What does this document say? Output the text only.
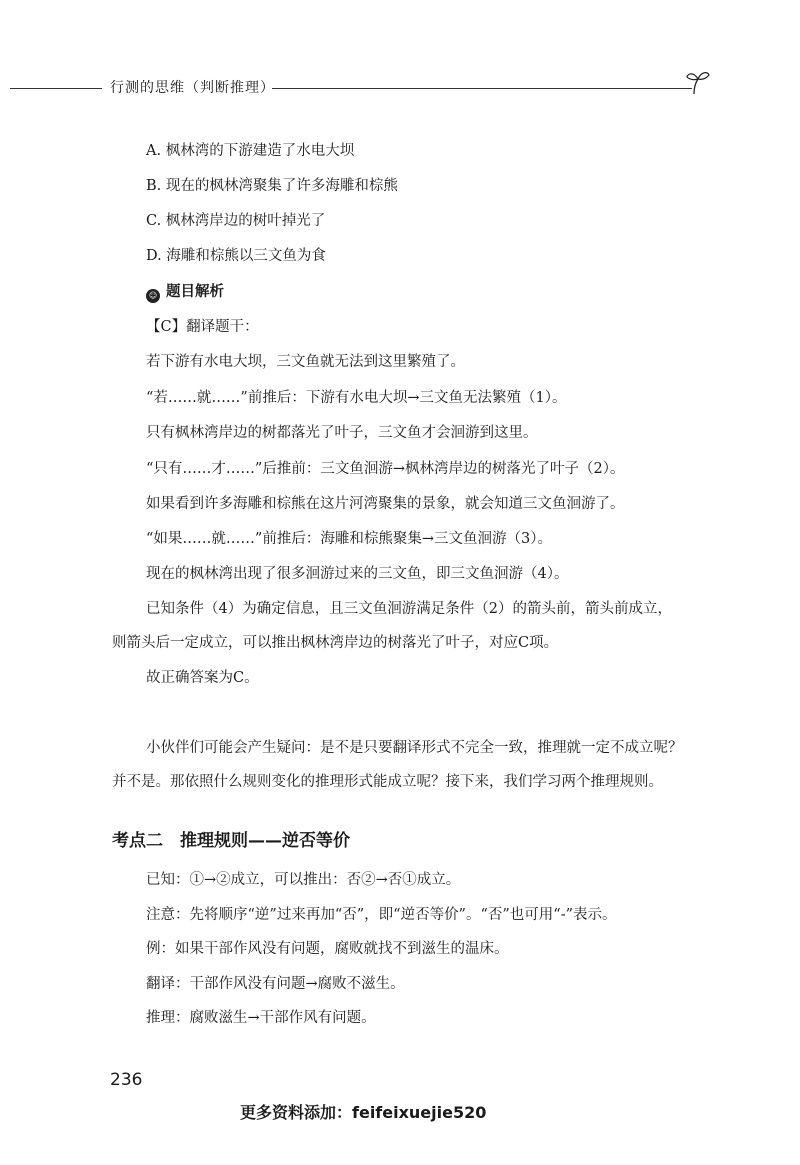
行测的思维（判断推理）
A. 枫林湾的下游建造了水电大坝
B. 现在的枫林湾聚集了许多海雕和棕熊
C. 枫林湾岸边的树叶掉光了
D. 海雕和棕熊以三文鱼为食
☺ 题目解析
【C】翻译题干：
若下游有水电大坝，三文鱼就无法到这里繁殖了。
“若……就……”前推后：下游有水电大坝→三文鱼无法繁殖（1）。
只有枫林湾岸边的树都落光了叶子，三文鱼才会洄游到这里。
“只有……才……”后推前：三文鱼洄游→枫林湾岸边的树落光了叶子（2）。
如果看到许多海雕和棕熊在这片河湾聚集的景象，就会知道三文鱼洄游了。
“如果……就……”前推后：海雕和棕熊聚集→三文鱼洄游（3）。
现在的枫林湾出现了很多洄游过来的三文鱼，即三文鱼洄游（4）。
已知条件（4）为确定信息，且三文鱼洄游满足条件（2）的箭头前，箭头前成立，
则箭头后一定成立，可以推出枫林湾岸边的树落光了叶子，对应C项。
故正确答案为C。
小伙伴们可能会产生疑问：是不是只要翻译形式不完全一致，推理就一定不成立呢？
并不是。那依照什么规则变化的推理形式能成立呢？接下来，我们学习两个推理规则。
考点二　推理规则——逆否等价
已知：①→②成立，可以推出：否②→否①成立。
注意：先将顺序“逆”过来再加“否”，即“逆否等价”。“否”也可用“-”表示。
例：如果干部作风没有问题，腐败就找不到滋生的温床。
翻译：干部作风没有问题→腐败不滋生。
推理：腐败滋生→干部作风有问题。
236
更多资料添加：feifeixuejie520
